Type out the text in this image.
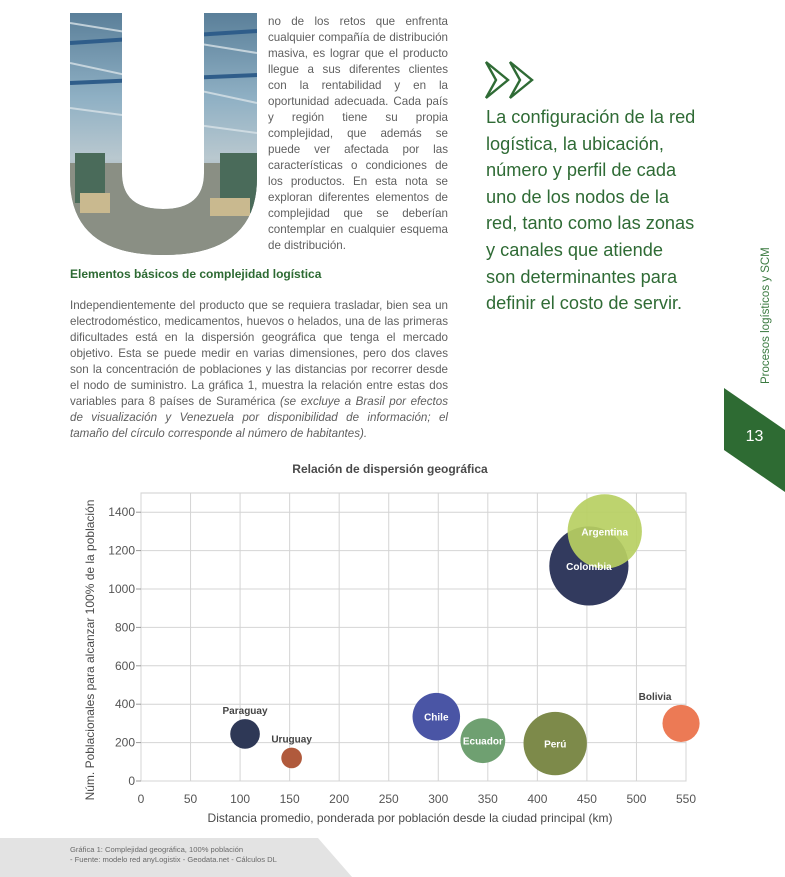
no de los retos que enfrenta cualquier compañía de distribución masiva, es lograr que el producto llegue a sus diferentes clientes con la rentabilidad y en la oportunidad adecuada. Cada país y región tiene su propia complejidad, que además se puede ver afectada por las características o condiciones de los productos. En esta nota se exploran diferentes elementos de complejidad que se deberían contemplar en cualquier esquema de distribución.

La configuración de la red logística, la ubicación, número y perfil de cada uno de los nodos de la red, tanto como las zonas y canales que atiende son determinantes para definir el costo de servir.

Elementos básicos de complejidad logística

Independientemente del producto que se requiera trasladar, bien sea un electrodoméstico, medicamentos, huevos o helados, una de las primeras dificultades está en la dispersión geográfica que tenga el mercado objetivo. Esta se puede medir en varias dimensiones, pero dos claves son la concentración de poblaciones y las distancias por recorrer desde el nodo de suministro. La gráfica 1, muestra la relación entre estas dos variables para 8 países de Suramérica (se excluye a Brasil por efectos de visualización y Venezuela por disponibilidad de información; el tamaño del círculo corresponde al número de habitantes).

Procesos logísticos y SCM
13

Relación de dispersión geográfica

0	50	100 150 200 250 300 350 400 450 500 550
0
200
400
600
800
1000
1200
1400
Paraguay
Uruguay
Chile
Ecuador	Perú
Colombia
Argentina
Bolivia
Distancia promedio, ponderada por población desde la ciudad principal (km)
Núm. Poblacionales para alcanzar 100% de la población
Gráfica 1: Complejidad geográfica, 100% población
- Fuente: modelo red anyLogistix - Geodata.net - Cálculos DL
